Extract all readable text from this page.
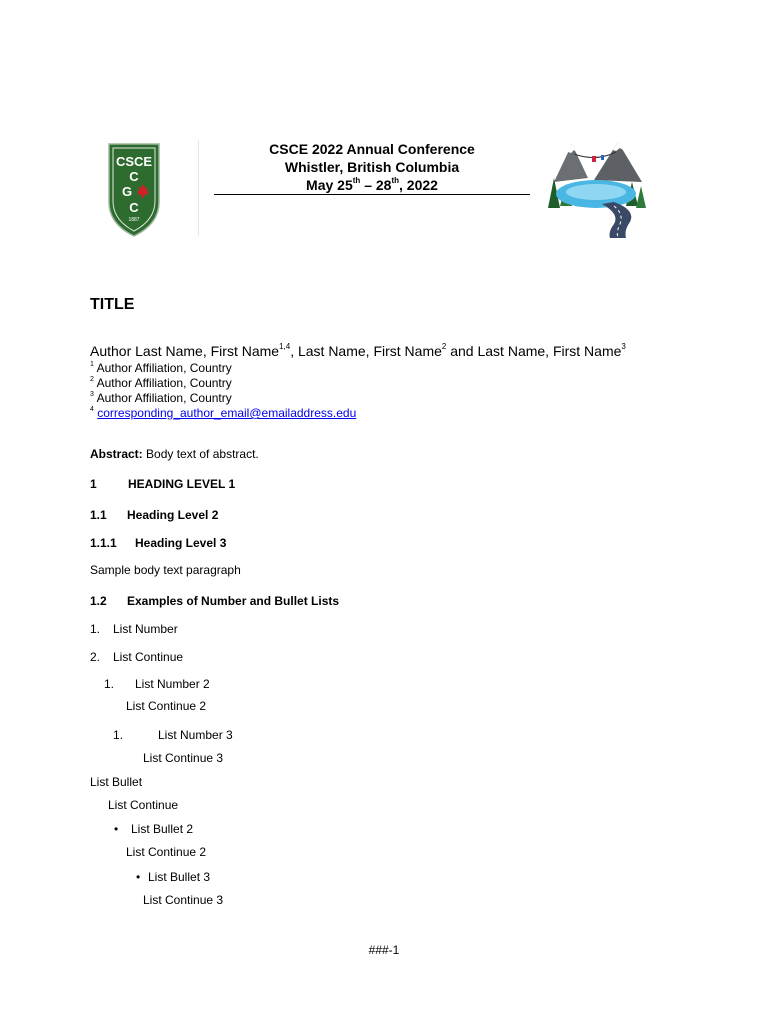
CSCE
C
G
C
1887
CSCE 2022 Annual Conference
Whistler, British Columbia
May 25th – 28th, 2022
TITLE
Author Last Name, First Name$^{1,4}$, Last Name, First Name$^2$ and Last Name, First Name$^3$
$^1$ Author Affiliation, Country
$^2$ Author Affiliation, Country
$^3$ Author Affiliation, Country
$^4$ corresponding_author_email@emailaddress.edu
Abstract: Body text of abstract.
1	HEADING LEVEL 1
1.1 Heading Level 2
1.1.1 Heading Level 3
Sample body text paragraph
1.2 Examples of Number and Bullet Lists
1. List Number
2. List Continue
1. List Number 2
List Continue 2
1.	List Number 3
List Continue 3
List Bullet
List Continue
• List Bullet 2
List Continue 2
• List Bullet 3
List Continue 3
###-1
